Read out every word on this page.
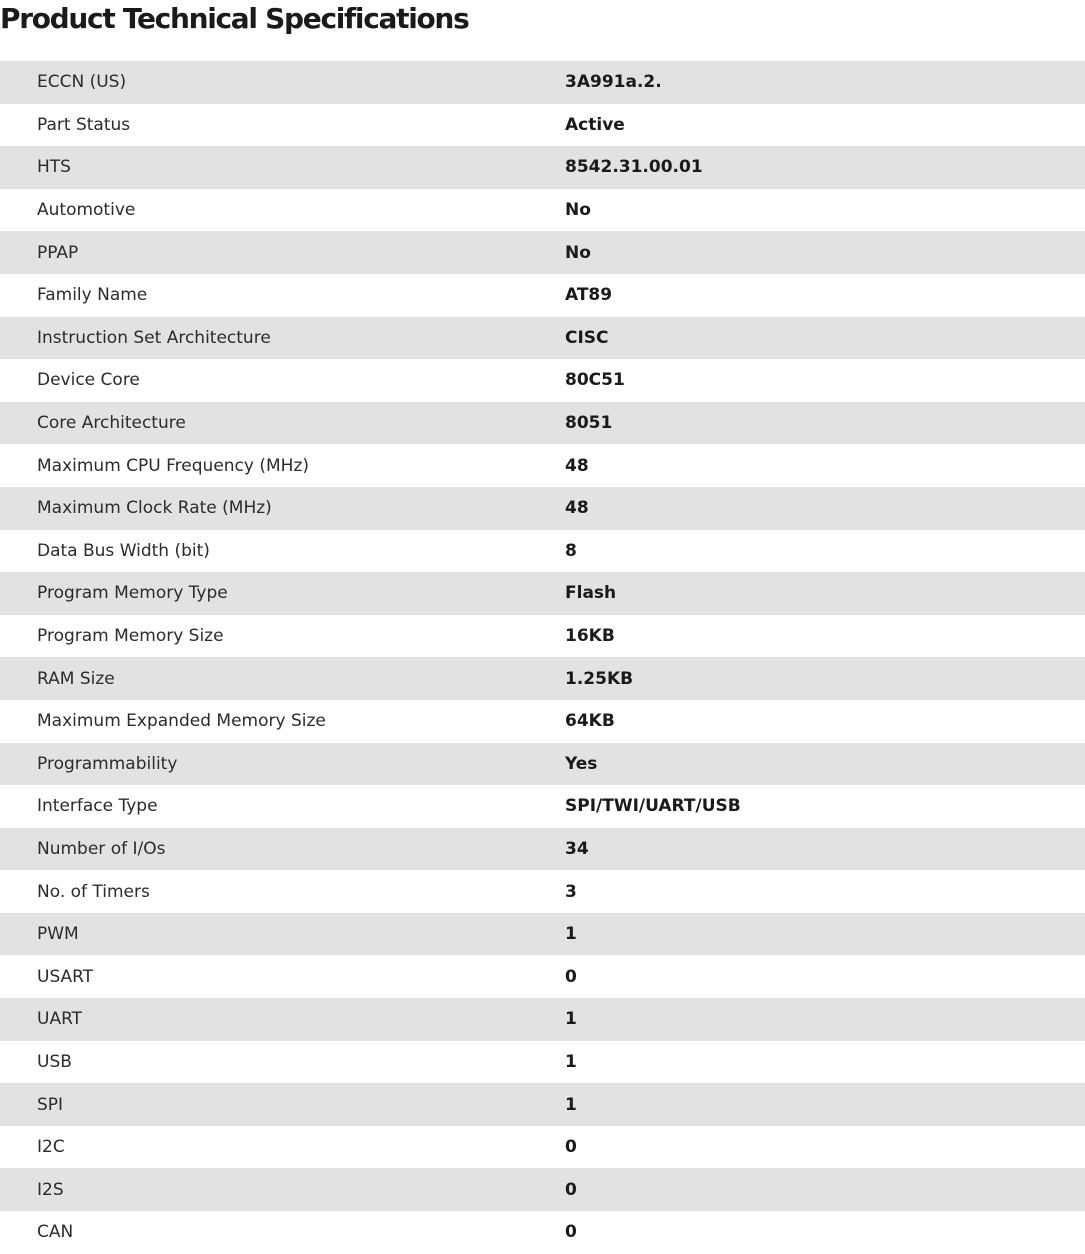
Product Technical Specifications
ECCN (US)	3A991a.2.
Part Status	Active
HTS	8542.31.00.01
Automotive	No
PPAP	No
Family Name	AT89
Instruction Set Architecture	CISC
Device Core	80C51
Core Architecture	8051
Maximum CPU Frequency (MHz)	48
Maximum Clock Rate (MHz)	48
Data Bus Width (bit)	8
Program Memory Type	Flash
Program Memory Size	16KB
RAM Size	1.25KB
Maximum Expanded Memory Size	64KB
Programmability	Yes
Interface Type	SPI/TWI/UART/USB
Number of I/Os	34
No. of Timers	3
PWM	1
USART	0
UART	1
USB	1
SPI	1
I2C	0
I2S	0
CAN	0
